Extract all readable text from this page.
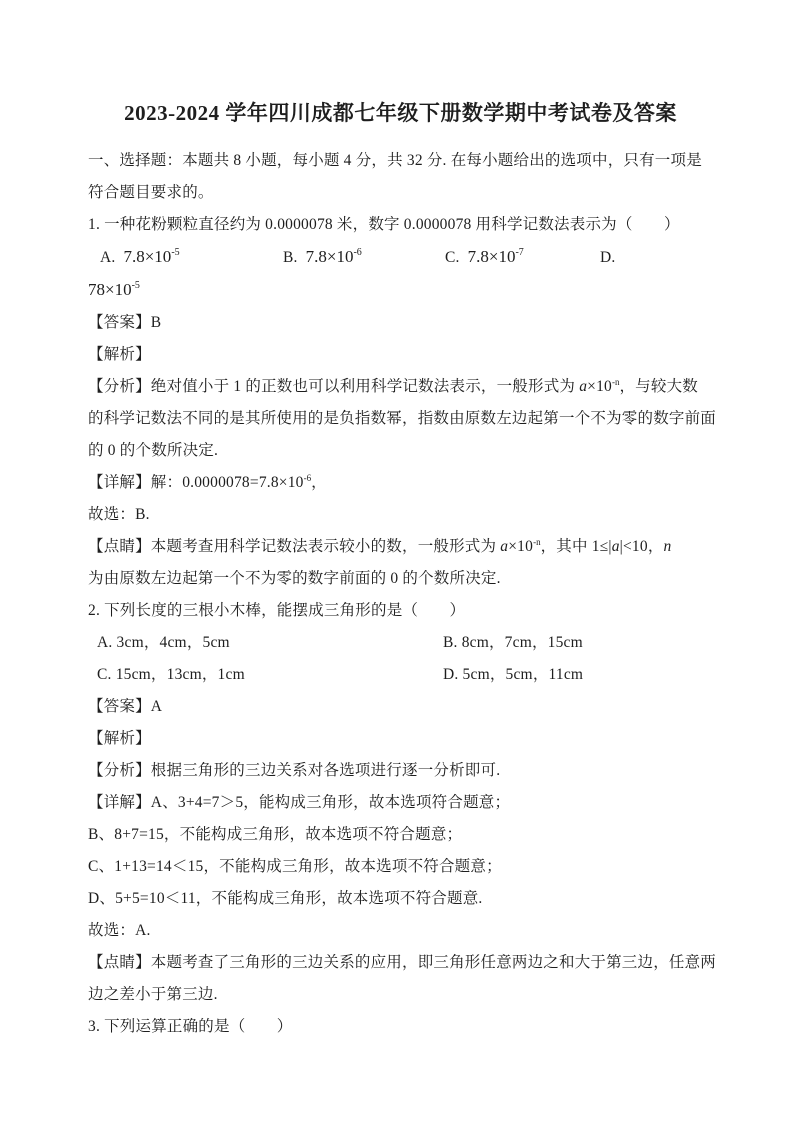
2023-2024 学年四川成都七年级下册数学期中考试卷及答案

一、选择题：本题共 8 小题，每小题 4 分，共 32 分. 在每小题给出的选项中，只有一项是

符合题目要求的。

1. 一种花粉颗粒直径约为 0.0000078 米，数字 0.0000078 用科学记数法表示为（　　）

A. 7.8×10-5	B. 7.8×10-6	C. 7.8×10-7	D.

78×10-5

【答案】B

【解析】

【分析】绝对值小于 1 的正数也可以利用科学记数法表示，一般形式为 a×10-n，与较大数

的科学记数法不同的是其所使用的是负指数幂，指数由原数左边起第一个不为零的数字前面

的 0 的个数所决定.

【详解】解：0.0000078=7.8×10-6，

故选：B.

【点睛】本题考查用科学记数法表示较小的数，一般形式为 a×10-n，其中 1≤|a|<10，n

为由原数左边起第一个不为零的数字前面的 0 的个数所决定.

2. 下列长度的三根小木棒，能摆成三角形的是（　　）

A. 3cm，4cm，5cm	B. 8cm，7cm，15cm
C. 15cm，13cm，1cm	D. 5cm，5cm，11cm

【答案】A

【解析】

【分析】根据三角形的三边关系对各选项进行逐一分析即可.

【详解】A、3+4=7＞5，能构成三角形，故本选项符合题意；

B、8+7=15，不能构成三角形，故本选项不符合题意；

C、1+13=14＜15，不能构成三角形，故本选项不符合题意；

D、5+5=10＜11，不能构成三角形，故本选项不符合题意.

故选：A.

【点睛】本题考查了三角形的三边关系的应用，即三角形任意两边之和大于第三边，任意两

边之差小于第三边.

3. 下列运算正确的是（　　）
